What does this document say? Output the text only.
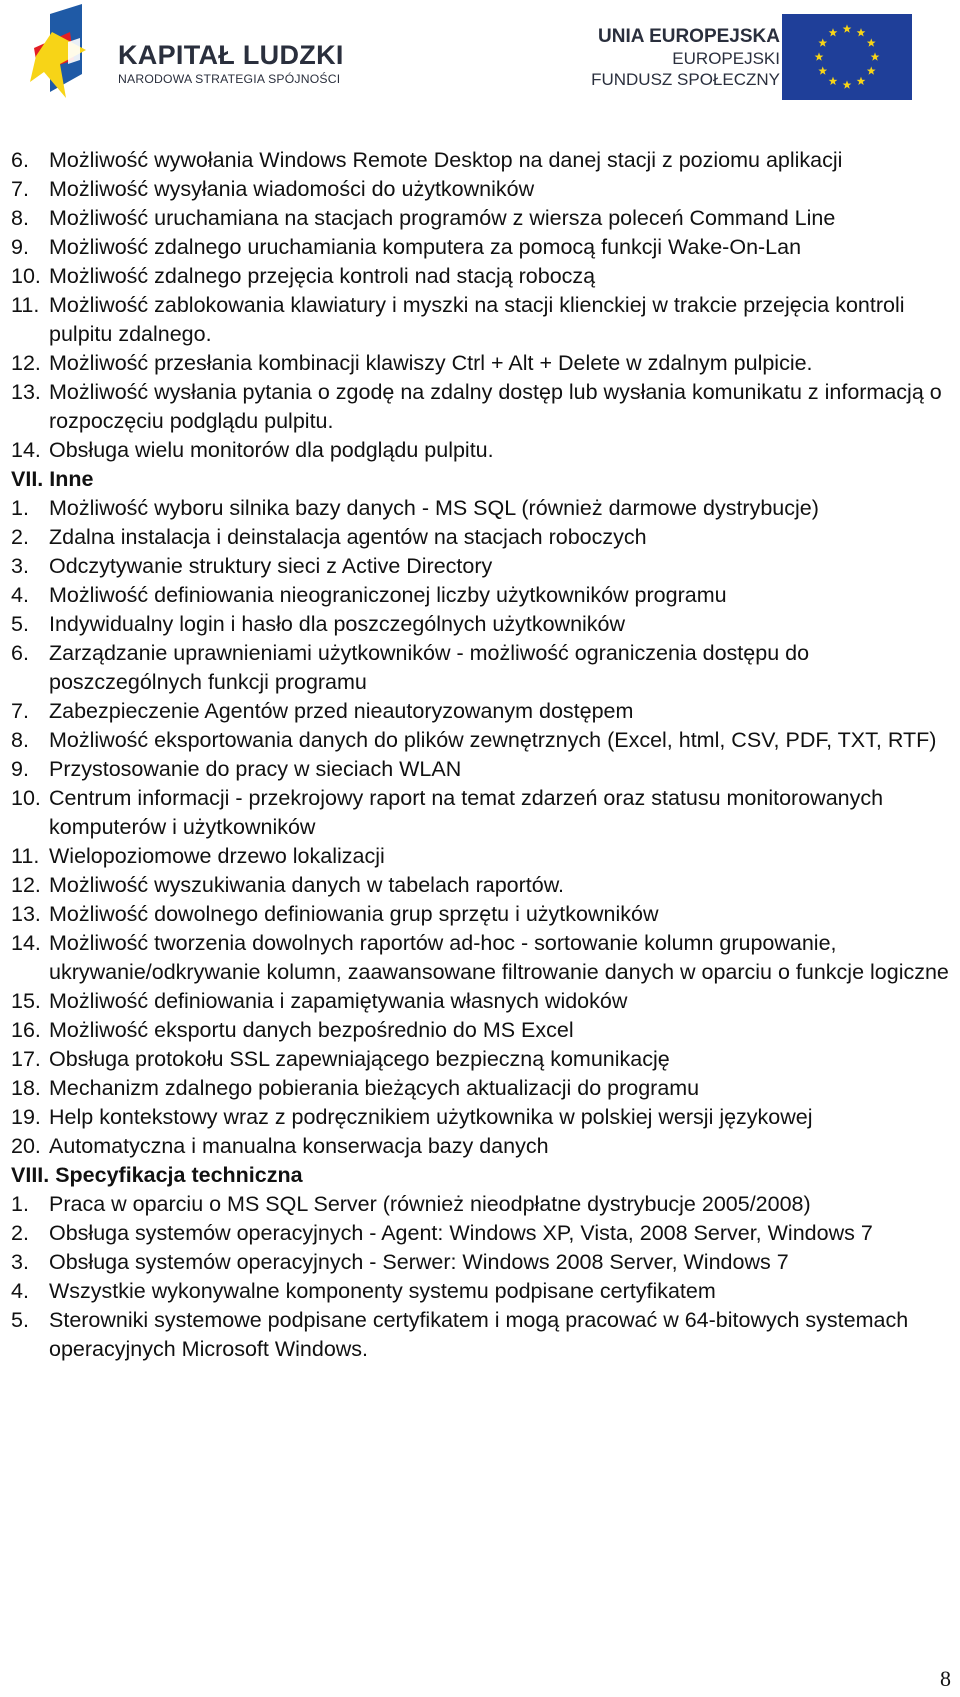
KAPITAŁ LUDZKI
NARODOWA STRATEGIA SPÓJNOŚCI
UNIA EUROPEJSKA
EUROPEJSKI
FUNDUSZ SPOŁECZNY
6. Możliwość wywołania Windows Remote Desktop na danej stacji z poziomu aplikacji
7. Możliwość wysyłania wiadomości do użytkowników
8. Możliwość uruchamiana na stacjach programów z wiersza poleceń Command Line
9. Możliwość zdalnego uruchamiania komputera za pomocą funkcji Wake-On-Lan
10. Możliwość zdalnego przejęcia kontroli nad stacją roboczą
11. Możliwość zablokowania klawiatury i myszki na stacji klienckiej w trakcie przejęcia kontroli pulpitu zdalnego.
12. Możliwość przesłania kombinacji klawiszy Ctrl + Alt + Delete w zdalnym pulpicie.
13. Możliwość wysłania pytania o zgodę na zdalny dostęp lub wysłania komunikatu z informacją o rozpoczęciu podglądu pulpitu.
14. Obsługa wielu monitorów dla podglądu pulpitu.
VII. Inne
1. Możliwość wyboru silnika bazy danych - MS SQL (również darmowe dystrybucje)
2. Zdalna instalacja i deinstalacja agentów na stacjach roboczych
3. Odczytywanie struktury sieci z Active Directory
4. Możliwość definiowania nieograniczonej liczby użytkowników programu
5. Indywidualny login i hasło dla poszczególnych użytkowników
6. Zarządzanie uprawnieniami użytkowników - możliwość ograniczenia dostępu do poszczególnych funkcji programu
7. Zabezpieczenie Agentów przed nieautoryzowanym dostępem
8. Możliwość eksportowania danych do plików zewnętrznych (Excel, html, CSV, PDF, TXT, RTF)
9. Przystosowanie do pracy w sieciach WLAN
10. Centrum informacji - przekrojowy raport na temat zdarzeń oraz statusu monitorowanych komputerów i użytkowników
11. Wielopoziomowe drzewo lokalizacji
12. Możliwość wyszukiwania danych w tabelach raportów.
13. Możliwość dowolnego definiowania grup sprzętu i użytkowników
14. Możliwość tworzenia dowolnych raportów ad-hoc - sortowanie kolumn grupowanie, ukrywanie/odkrywanie kolumn, zaawansowane filtrowanie danych w oparciu o funkcje logiczne
15. Możliwość definiowania i zapamiętywania własnych widoków
16. Możliwość eksportu danych bezpośrednio do MS Excel
17. Obsługa protokołu SSL zapewniającego bezpieczną komunikację
18. Mechanizm zdalnego pobierania bieżących aktualizacji do programu
19. Help kontekstowy wraz z podręcznikiem użytkownika w polskiej wersji językowej
20. Automatyczna i manualna konserwacja bazy danych
VIII. Specyfikacja techniczna
1. Praca w oparciu o MS SQL Server (również nieodpłatne dystrybucje 2005/2008)
2. Obsługa systemów operacyjnych - Agent: Windows XP, Vista, 2008 Server, Windows 7
3. Obsługa systemów operacyjnych - Serwer: Windows 2008 Server, Windows 7
4. Wszystkie wykonywalne komponenty systemu podpisane certyfikatem
5. Sterowniki systemowe podpisane certyfikatem i mogą pracować w 64-bitowych systemach operacyjnych Microsoft Windows.
8
